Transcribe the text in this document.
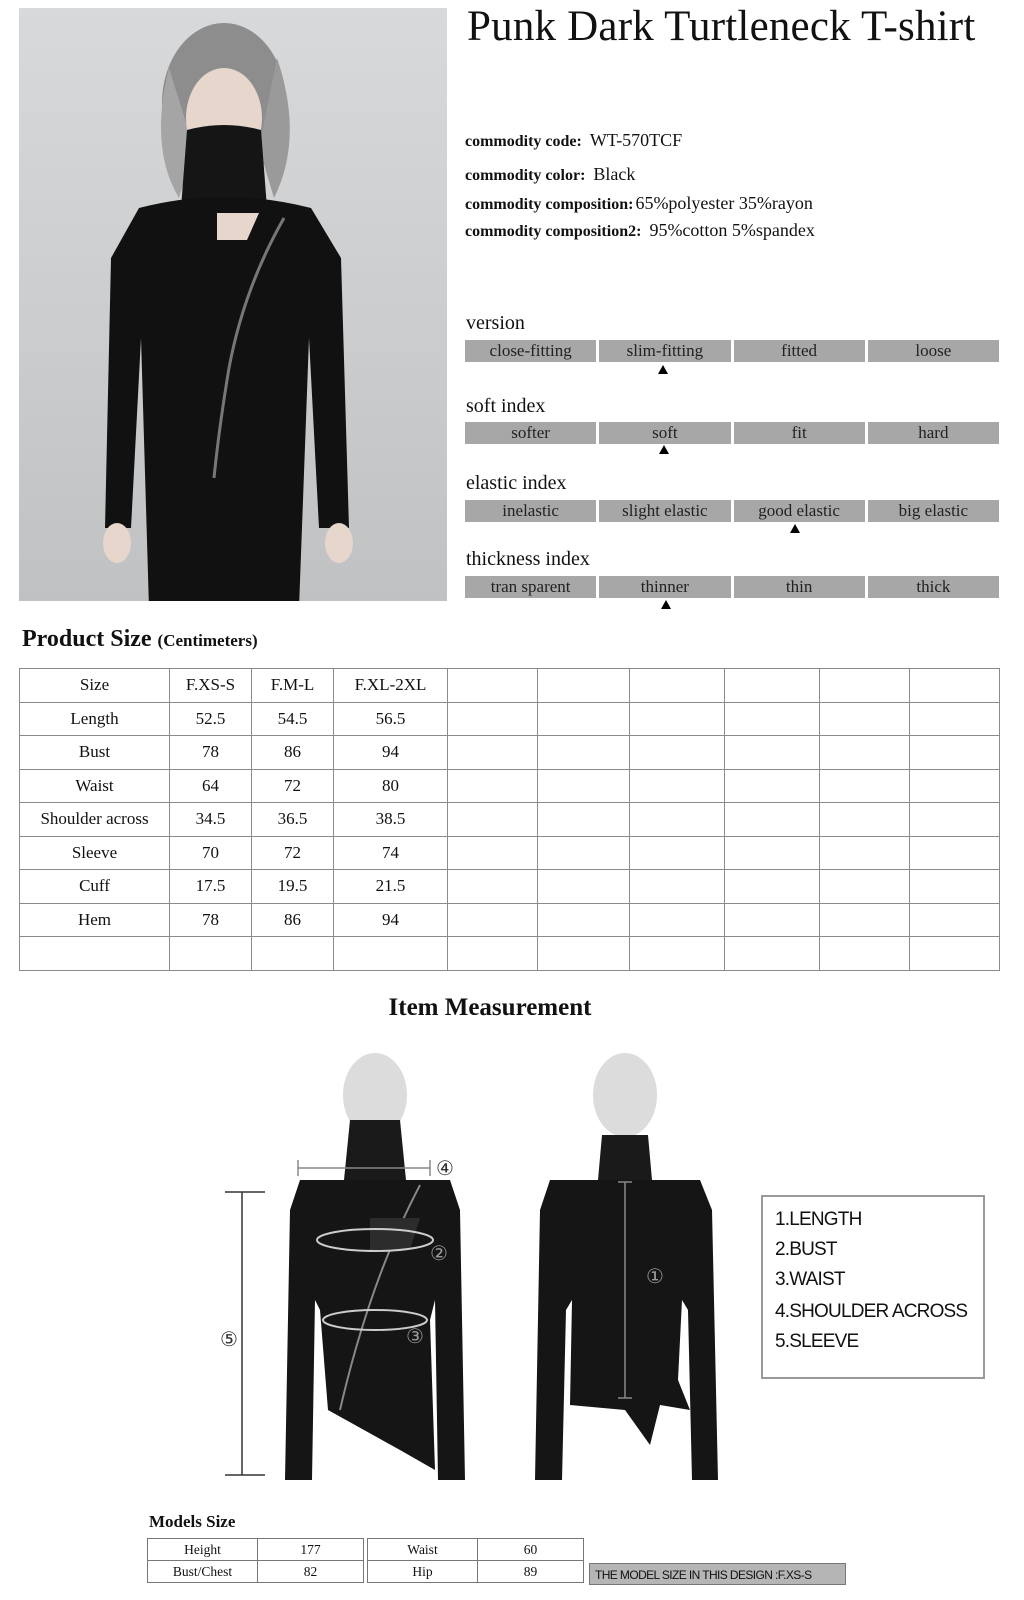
Punk Dark Turtleneck T-shirt
commodity code: WT-570TCF
commodity color: Black
commodity composition: 65%polyester 35%rayon
commodity composition2: 95%cotton 5%spandex
version
close-fitting	slim-fitting	fitted	loose
soft index
softer	soft	fit	hard
elastic index
inelastic	slight elastic	good elastic	big elastic
thickness index
tran sparent	thinner	thin	thick
Product Size (Centimeters)
Size	F.XS-S	F.M-L	F.XL-2XL						
Length	52.5	54.5	56.5						
Bust	78	86	94						
Waist	64	72	80						
Shoulder across	34.5	36.5	38.5						
Sleeve	70	72	74						
Cuff	17.5	19.5	21.5						
Hem	78	86	94						

Item Measurement
①
②
③
④
⑤
1.LENGTH
2.BUST
3.WAIST
4.SHOULDER ACROSS
5.SLEEVE
Models Size
Height	177		Waist	60
Bust/Chest	82		Hip	89	THE MODEL SIZE IN THIS DESIGN :F.XS-S
